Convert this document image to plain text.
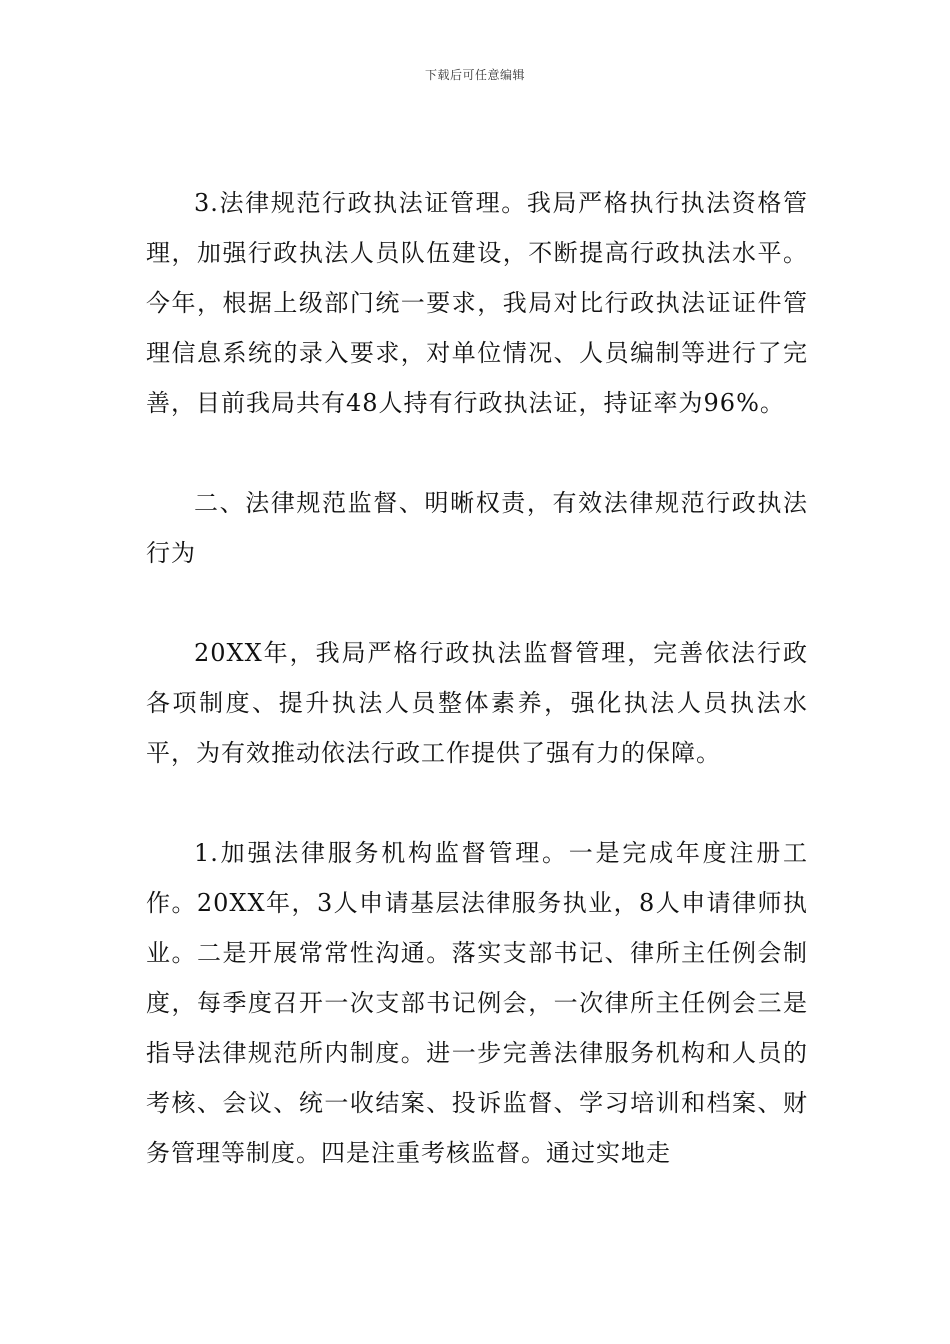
下载后可任意编辑

3.法律规范行政执法证管理。我局严格执行执法资格管理，加强行政执法人员队伍建设，不断提高行政执法水平。今年，根据上级部门统一要求，我局对比行政执法证证件管理信息系统的录入要求，对单位情况、人员编制等进行了完善，目前我局共有48人持有行政执法证，持证率为96%。

二、法律规范监督、明晰权责，有效法律规范行政执法行为

20XX年，我局严格行政执法监督管理，完善依法行政各项制度、提升执法人员整体素养，强化执法人员执法水平，为有效推动依法行政工作提供了强有力的保障。

1.加强法律服务机构监督管理。一是完成年度注册工作。20XX年，3人申请基层法律服务执业，8人申请律师执业。二是开展常常性沟通。落实支部书记、律所主任例会制度，每季度召开一次支部书记例会，一次律所主任例会三是指导法律规范所内制度。进一步完善法律服务机构和人员的考核、会议、统一收结案、投诉监督、学习培训和档案、财务管理等制度。四是注重考核监督。通过实地走
